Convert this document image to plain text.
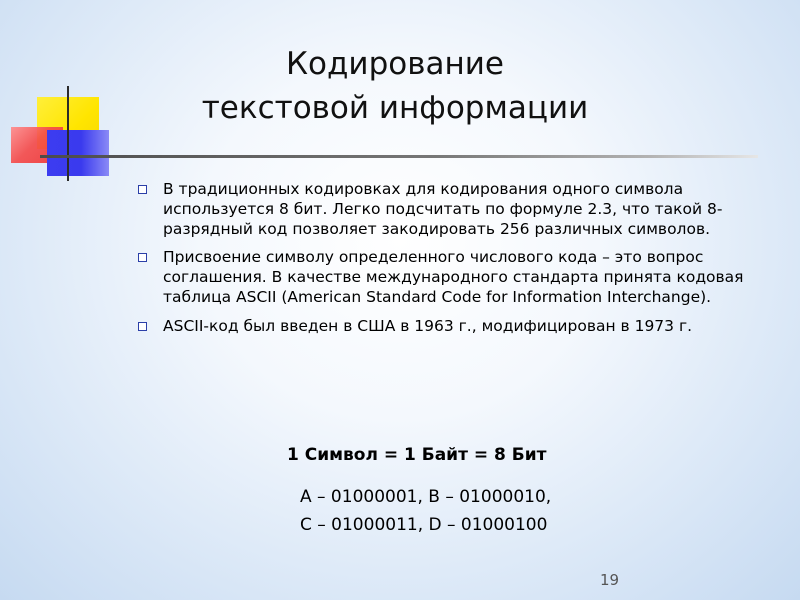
Кодирование текстовой информации
В традиционных кодировках для кодирования одного символа используется 8 бит. Легко подсчитать по формуле 2.3, что такой 8-разрядный код позволяет закодировать 256 различных символов.
Присвоение символу определенного числового кода – это вопрос соглашения. В качестве международного стандарта принята кодовая таблица ASCII (American Standard Code for Information Interchange).
ASCII-код был введен в США в 1963 г., модифицирован в 1973 г.
1 Символ = 1 Байт = 8 Бит
A – 01000001, B – 01000010,
C – 01000011, D – 01000100
19
